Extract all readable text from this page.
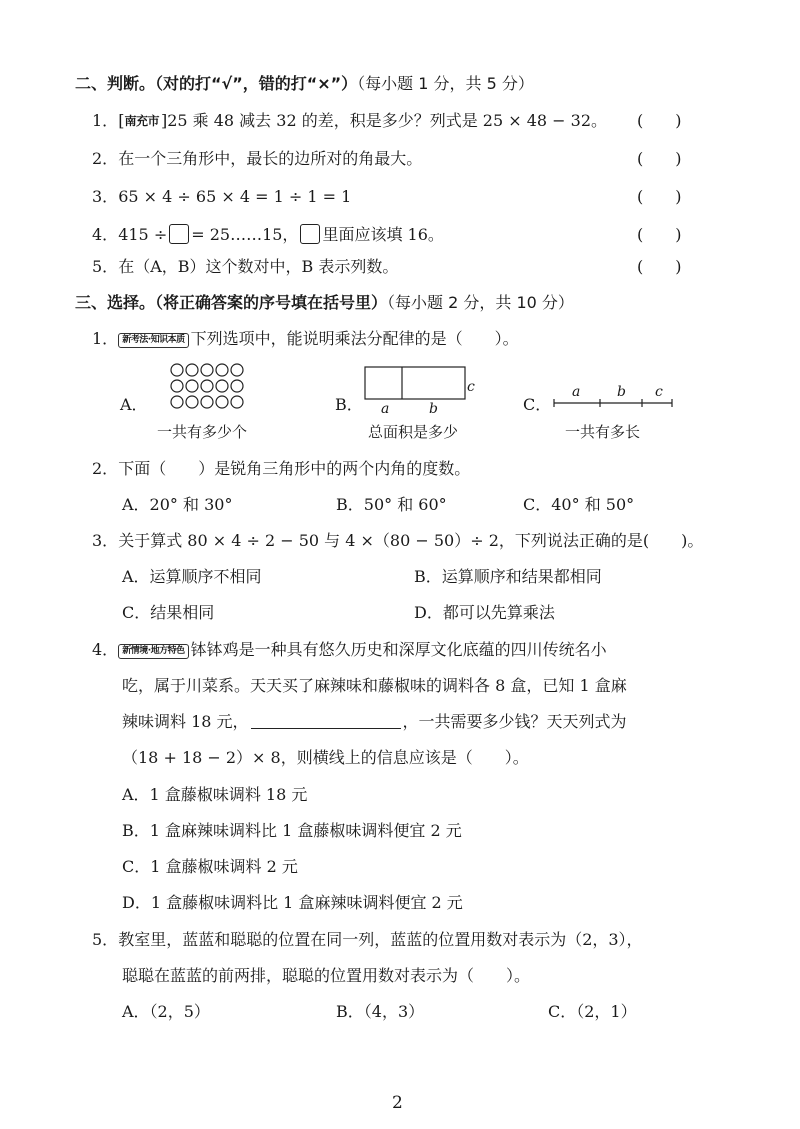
二、判断。（对的打“√”，错的打“×”）（每小题 1 分，共 5 分）
1．[南充市 ]25 乘 48 减去 32 的差，积是多少？列式是 25 × 48 − 32。 (　　)
2．在一个三角形中，最长的边所对的角最大。	(　　)
3．65 × 4 ÷ 65 × 4 = 1 ÷ 1 = 1	(　　)
4．415 ÷ = 25……15， 里面应该填 16。	(　　)
5．在（A，B）这个数对中，B 表示列数。	(　　)
三、选择。（将正确答案的序号填在括号里）（每小题 2 分，共 10 分）
1． 新考法·知识本质 下列选项中，能说明乘法分配律的是（　　）。
A．
一共有多少个
B． a	b
c
总面积是多少
C．
a	b c
一共有多长
2．下面（　　）是锐角三角形中的两个内角的度数。
A．20° 和 30°	B．50° 和 60°	C．40° 和 50°
3．关于算式 80 × 4 ÷ 2 − 50 与 4 ×（80 − 50）÷ 2，下列说法正确的是(　　)。
A．运算顺序不相同	B．运算顺序和结果都相同
C．结果相同	D．都可以先算乘法
4． 新情境·地方特色 钵钵鸡是一种具有悠久历史和深厚文化底蕴的四川传统名小
吃，属于川菜系。天天买了麻辣味和藤椒味的调料各 8 盒，已知 1 盒麻
辣味调料 18 元，	，一共需要多少钱？天天列式为
（18 + 18 − 2）× 8，则横线上的信息应该是（　　）。
A．1 盒藤椒味调料 18 元
B．1 盒麻辣味调料比 1 盒藤椒味调料便宜 2 元
C．1 盒藤椒味调料 2 元
D．1 盒藤椒味调料比 1 盒麻辣味调料便宜 2 元
5．教室里，蓝蓝和聪聪的位置在同一列，蓝蓝的位置用数对表示为（2，3），
聪聪在蓝蓝的前两排，聪聪的位置用数对表示为（　　）。
A．（2，5）	B．（4，3）	C．（2，1）
2
